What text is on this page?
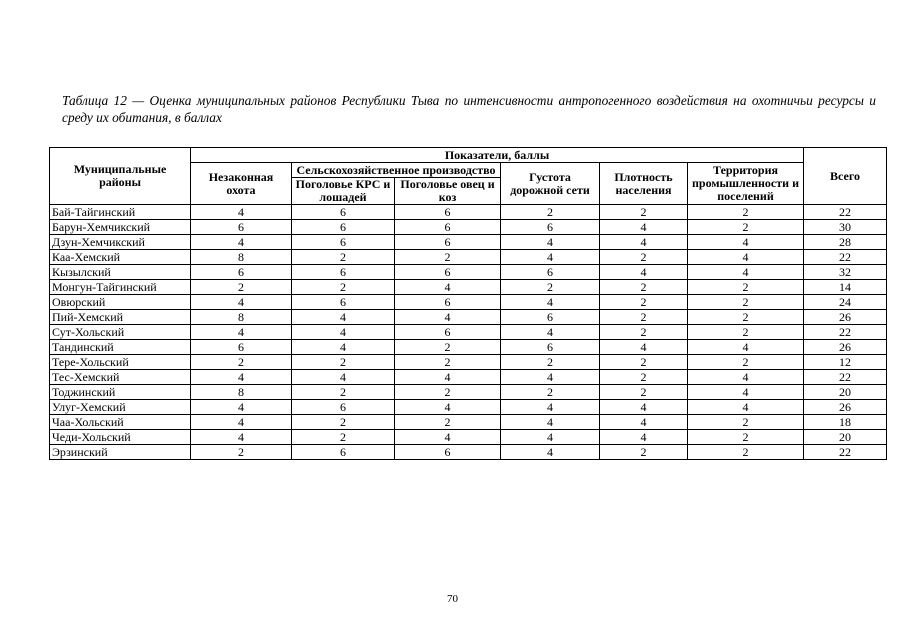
Таблица 12 — Оценка муниципальных районов Республики Тыва по интенсивности антропогенного воздействия на охотничьи ресурсы и среду их обитания, в баллах
Муниципальные районы	Показатели, баллы						Всего
	Незаконная охота	Сельскохозяйственное производство		Густота дорожной сети	Плотность населения	Территория промышленности и поселений	
		Поголовье КРС и лошадей	Поголовье овец и коз				
Бай-Тайгинский	4	6	6	2	2	2	22
Барун-Хемчикский	6	6	6	6	4	2	30
Дзун-Хемчикский	4	6	6	4	4	4	28
Каа-Хемский	8	2	2	4	2	4	22
Кызылский	6	6	6	6	4	4	32
Монгун-Тайгинский	2	2	4	2	2	2	14
Овюрский	4	6	6	4	2	2	24
Пий-Хемский	8	4	4	6	2	2	26
Сут-Хольский	4	4	6	4	2	2	22
Тандинский	6	4	2	6	4	4	26
Тере-Хольский	2	2	2	2	2	2	12
Тес-Хемский	4	4	4	4	2	4	22
Тоджинский	8	2	2	2	2	4	20
Улуг-Хемский	4	6	4	4	4	4	26
Чаа-Хольский	4	2	2	4	4	2	18
Чеди-Хольский	4	2	4	4	4	2	20
Эрзинский	2	6	6	4	2	2	22
70
